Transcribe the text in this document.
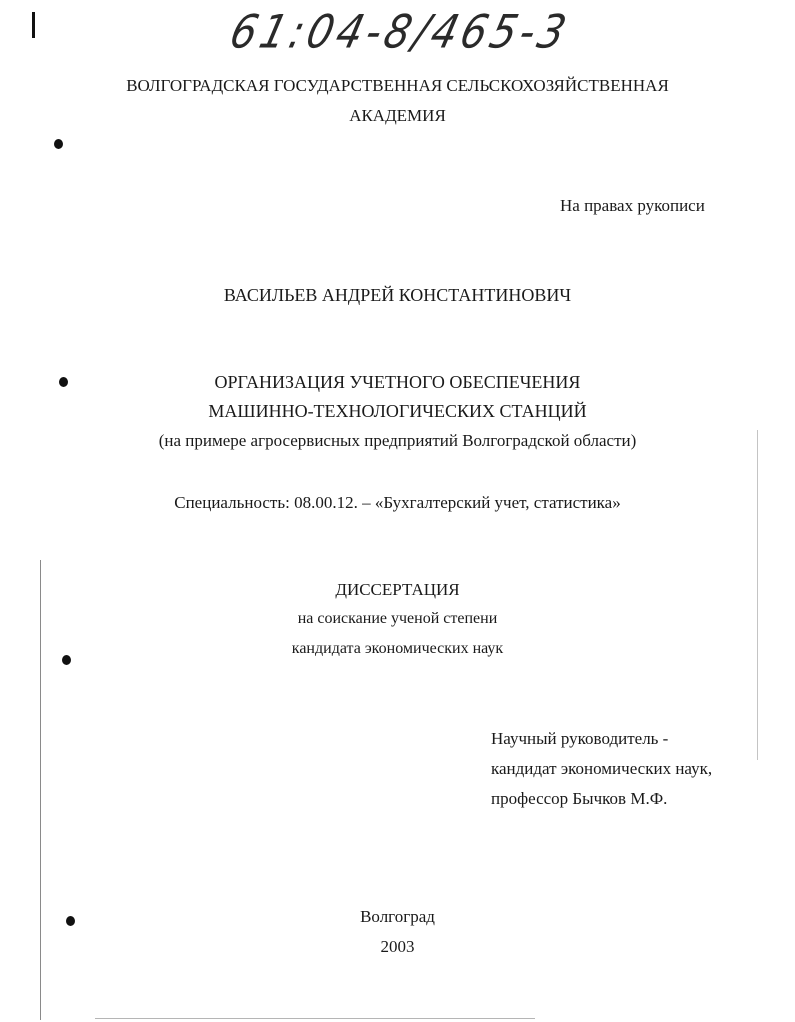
61:04-8/465-3
ВОЛГОГРАДСКАЯ ГОСУДАРСТВЕННАЯ СЕЛЬСКОХОЗЯЙСТВЕННАЯ
АКАДЕМИЯ
На правах рукописи
ВАСИЛЬЕВ АНДРЕЙ КОНСТАНТИНОВИЧ
ОРГАНИЗАЦИЯ УЧЕТНОГО ОБЕСПЕЧЕНИЯ
МАШИННО-ТЕХНОЛОГИЧЕСКИХ СТАНЦИЙ
(на примере агросервисных предприятий Волгоградской области)
Специальность: 08.00.12. – «Бухгалтерский учет, статистика»
ДИССЕРТАЦИЯ
на соискание ученой степени
кандидата экономических наук
Научный руководитель -
кандидат экономических наук,
профессор Бычков М.Ф.
Волгоград
2003
